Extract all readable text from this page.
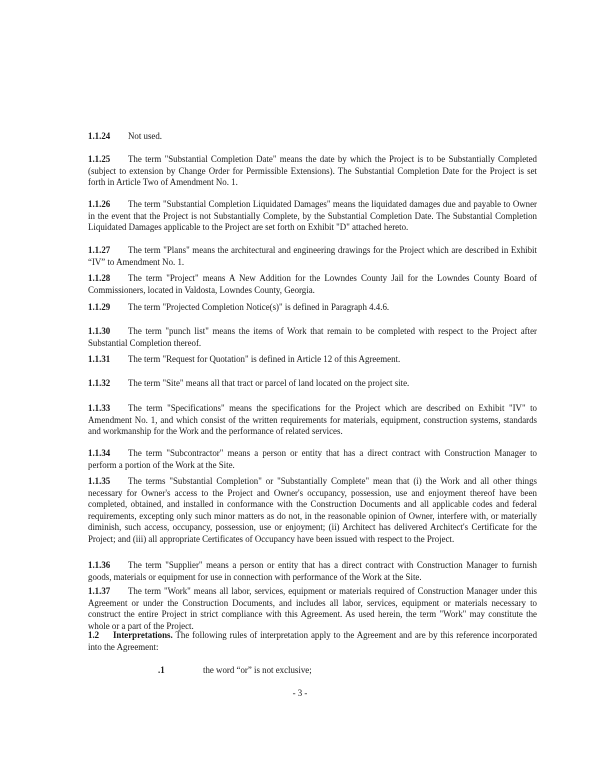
1.1.24 Not used.
1.1.25 The term "Substantial Completion Date" means the date by which the Project is to be Substantially Completed (subject to extension by Change Order for Permissible Extensions). The Substantial Completion Date for the Project is set forth in Article Two of Amendment No. 1.
1.1.26 The term "Substantial Completion Liquidated Damages" means the liquidated damages due and payable to Owner in the event that the Project is not Substantially Complete, by the Substantial Completion Date. The Substantial Completion Liquidated Damages applicable to the Project are set forth on Exhibit "D" attached hereto.
1.1.27 The term "Plans" means the architectural and engineering drawings for the Project which are described in Exhibit “IV” to Amendment No. 1.
1.1.28 The term "Project" means A New Addition for the Lowndes County Jail for the Lowndes County Board of Commissioners, located in Valdosta, Lowndes County, Georgia.
1.1.29 The term "Projected Completion Notice(s)" is defined in Paragraph 4.4.6.
1.1.30 The term "punch list" means the items of Work that remain to be completed with respect to the Project after Substantial Completion thereof.
1.1.31 The term "Request for Quotation" is defined in Article 12 of this Agreement.
1.1.32 The term "Site" means all that tract or parcel of land located on the project site.
1.1.33 The term "Specifications" means the specifications for the Project which are described on Exhibit "IV" to Amendment No. 1, and which consist of the written requirements for materials, equipment, construction systems, standards and workmanship for the Work and the performance of related services.
1.1.34 The term "Subcontractor" means a person or entity that has a direct contract with Construction Manager to perform a portion of the Work at the Site.
1.1.35 The terms "Substantial Completion" or "Substantially Complete" mean that (i) the Work and all other things necessary for Owner's access to the Project and Owner's occupancy, possession, use and enjoyment thereof have been completed, obtained, and installed in conformance with the Construction Documents and all applicable codes and federal requirements, excepting only such minor matters as do not, in the reasonable opinion of Owner, interfere with, or materially diminish, such access, occupancy, possession, use or enjoyment; (ii) Architect has delivered Architect's Certificate for the Project; and (iii) all appropriate Certificates of Occupancy have been issued with respect to the Project.
1.1.36 The term "Supplier" means a person or entity that has a direct contract with Construction Manager to furnish goods, materials or equipment for use in connection with performance of the Work at the Site.
1.1.37 The term "Work" means all labor, services, equipment or materials required of Construction Manager under this Agreement or under the Construction Documents, and includes all labor, services, equipment or materials necessary to construct the entire Project in strict compliance with this Agreement. As used herein, the term "Work" may constitute the whole or a part of the Project.
1.2 Interpretations. The following rules of interpretation apply to the Agreement and are by this reference incorporated into the Agreement:
.1	the word “or” is not exclusive;
- 3 -
